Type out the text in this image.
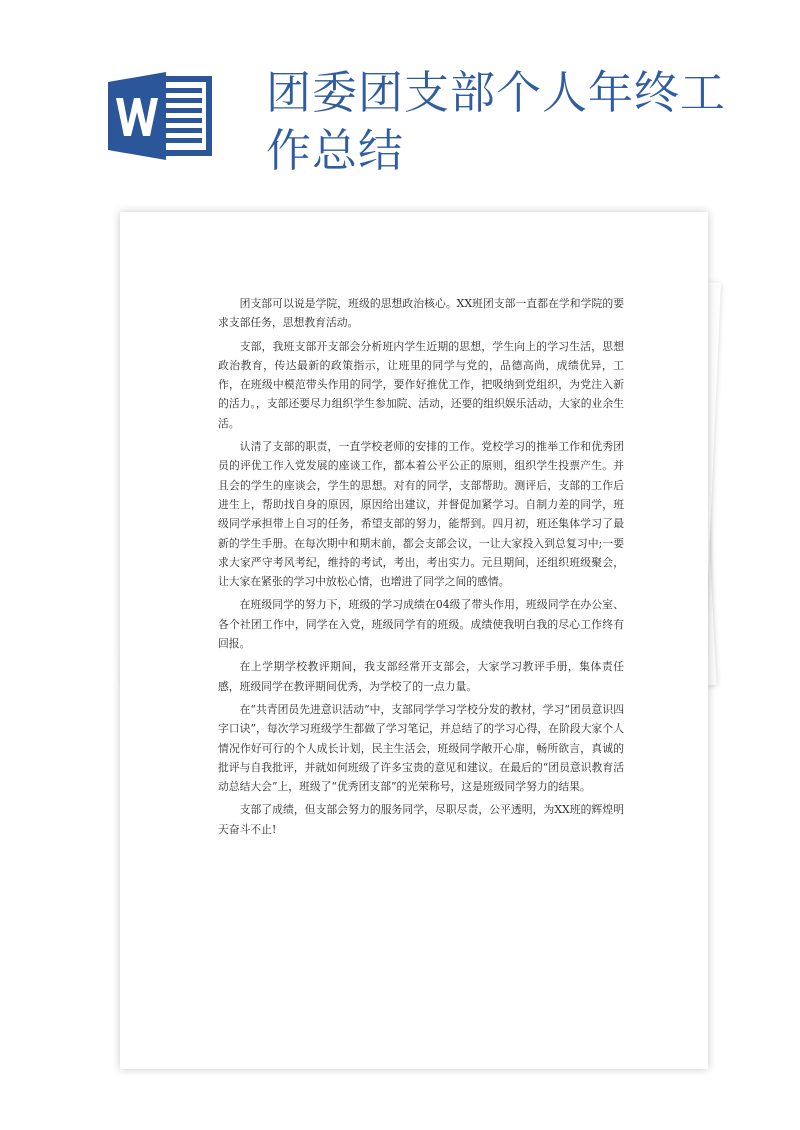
团委团支部个人年终工作总结

团支部可以说是学院，班级的思想政治核心。XX班团支部一直都在学和学院的要求支部任务，思想教育活动。

支部，我班支部开支部会分析班内学生近期的思想，学生向上的学习生活，思想政治教育，传达最新的政策指示，让班里的同学与党的，品德高尚，成绩优异，工作，在班级中模范带头作用的同学，要作好推优工作，把吸纳到党组织，为党注入新的活力。，支部还要尽力组织学生参加院、活动，还要的组织娱乐活动，大家的业余生活。

认清了支部的职责，一直学校老师的安排的工作。党校学习的推举工作和优秀团员的评优工作入党发展的座谈工作，都本着公平公正的原则，组织学生投票产生。并且会的学生的座谈会，学生的思想。对有的同学，支部帮助。测评后，支部的工作后进生上，帮助找自身的原因，原因给出建议，并督促加紧学习。自制力差的同学，班级同学承担带上自习的任务，希望支部的努力，能帮到。四月初，班还集体学习了最新的学生手册。在每次期中和期末前，都会支部会议，一让大家投入到总复习中;一要求大家严守考风考纪，维持的考试，考出，考出实力。元旦期间，还组织班级聚会，让大家在紧张的学习中放松心情，也增进了同学之间的感情。

在班级同学的努力下，班级的学习成绩在04级了带头作用，班级同学在办公室、各个社团工作中，同学在入党，班级同学有的班级。成绩使我明白我的尽心工作终有回报。

在上学期学校教评期间，我支部经常开支部会，大家学习教评手册，集体责任感，班级同学在教评期间优秀，为学校了的一点力量。

在“共青团员先进意识活动”中，支部同学学习学校分发的教材，学习“团员意识四字口诀”，每次学习班级学生都做了学习笔记，并总结了的学习心得，在阶段大家个人情况作好可行的个人成长计划，民主生活会，班级同学敞开心扉，畅所欲言，真诚的批评与自我批评，并就如何班级了许多宝贵的意见和建议。在最后的“团员意识教育活动总结大会”上，班级了“优秀团支部”的光荣称号，这是班级同学努力的结果。

支部了成绩，但支部会努力的服务同学，尽职尽责，公平透明，为XX班的辉煌明天奋斗不止!
